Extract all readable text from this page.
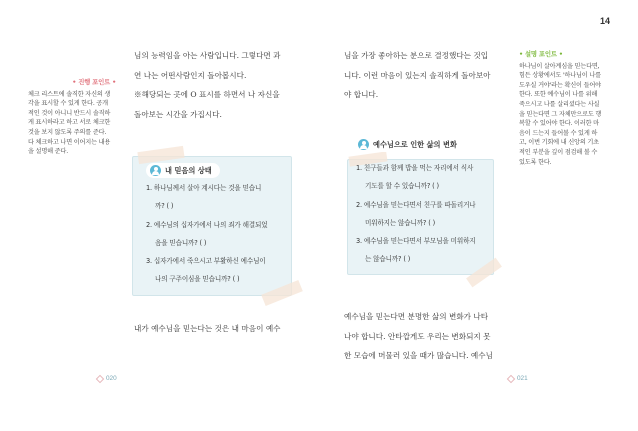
14
• 진행 포인트 •
체크 리스트에 솔직한 자신의 생
각을 표시할 수 있게 한다. 공개
적인 것이 아니니 반드시 솔직하
게 표시하라고 하고 서로 체크한
것을 보지 않도록 주의를 준다.
다 체크하고 나면 이어지는 내용
을 설명해 준다.

님의 능력임을 아는 사람입니다. 그렇다면 과

연 나는 어떤사람인지 돌아봅시다.

※해당되는 곳에 O 표시를 하면서 나 자신을

돌아보는 시간을 가집시다.

내 믿음의 상태
1. 하나님께서 살아 계시다는 것을 믿습니
까? ( )
2. 예수님의 십자가에서 나의 죄가 해결되었
음을 믿습니까? ( )
3. 십자가에서 죽으시고 부활하신 예수님이
나의 구주이심을 믿습니까? ( )

내가 예수님을 믿는다는 것은 내 마음이 예수

님을 가장 좋아하는 분으로 결정했다는 것입

니다. 이런 마음이 있는지 솔직하게 돌아보아

야 합니다.

예수님으로 인한 삶의 변화
1. 친구들과 함께 밥을 먹는 자리에서 식사
기도를 할 수 있습니까? ( )
2. 예수님을 믿는다면서 친구를 따돌리거나
미워하지는 않습니까? ( )
3. 예수님을 믿는다면서 부모님을 미워하지
는 않습니까? ( )

예수님을 믿는다면 분명한 삶의 변화가 나타

나야 합니다. 안타깝게도 우리는 변화되지 못

한 모습에 머물러 있을 때가 많습니다. 예수님

• 설명 포인트 •
하나님이 살아계심을 믿는다면,
힘든 상황에서도 '하나님이 나를
도우실 거야'라는 확신이 들어야
한다. 또한 예수님이 나를 위해
죽으시고 나를 살리셨다는 사실
을 믿는다면 그 자체만으로도 행
복할 수 있어야 한다. 이러한 마
음이 드는지 들어볼 수 있게 하
고, 이번 기회에 내 신앙의 기초
적인 부분을 깊이 점검해 볼 수
있도록 한다.
020	021
